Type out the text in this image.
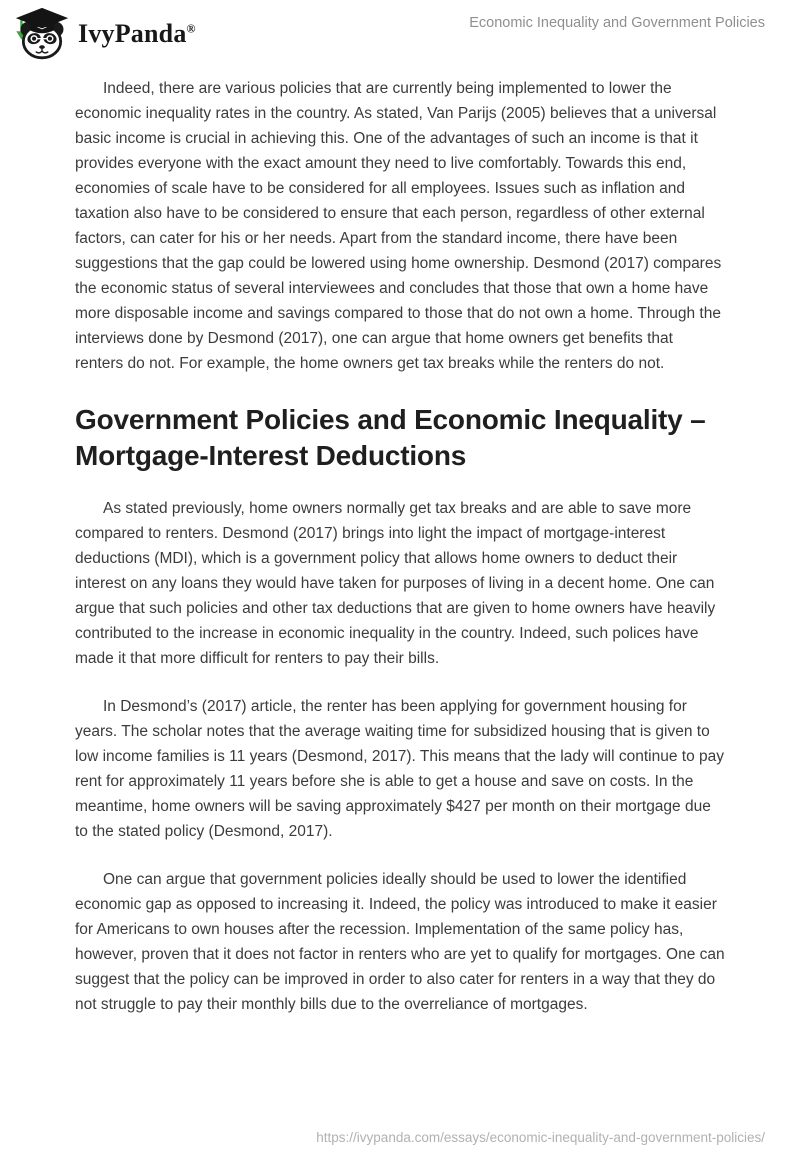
IvyPanda®	Economic Inequality and Government Policies

Indeed, there are various policies that are currently being implemented to lower the economic inequality rates in the country. As stated, Van Parijs (2005) believes that a universal basic income is crucial in achieving this. One of the advantages of such an income is that it provides everyone with the exact amount they need to live comfortably. Towards this end, economies of scale have to be considered for all employees. Issues such as inflation and taxation also have to be considered to ensure that each person, regardless of other external factors, can cater for his or her needs. Apart from the standard income, there have been suggestions that the gap could be lowered using home ownership. Desmond (2017) compares the economic status of several interviewees and concludes that those that own a home have more disposable income and savings compared to those that do not own a home. Through the interviews done by Desmond (2017), one can argue that home owners get benefits that renters do not. For example, the home owners get tax breaks while the renters do not.

Government Policies and Economic Inequality – Mortgage-Interest Deductions

As stated previously, home owners normally get tax breaks and are able to save more compared to renters. Desmond (2017) brings into light the impact of mortgage-interest deductions (MDI), which is a government policy that allows home owners to deduct their interest on any loans they would have taken for purposes of living in a decent home. One can argue that such policies and other tax deductions that are given to home owners have heavily contributed to the increase in economic inequality in the country. Indeed, such polices have made it that more difficult for renters to pay their bills.

In Desmond’s (2017) article, the renter has been applying for government housing for years. The scholar notes that the average waiting time for subsidized housing that is given to low income families is 11 years (Desmond, 2017). This means that the lady will continue to pay rent for approximately 11 years before she is able to get a house and save on costs. In the meantime, home owners will be saving approximately $427 per month on their mortgage due to the stated policy (Desmond, 2017).

One can argue that government policies ideally should be used to lower the identified economic gap as opposed to increasing it. Indeed, the policy was introduced to make it easier for Americans to own houses after the recession. Implementation of the same policy has, however, proven that it does not factor in renters who are yet to qualify for mortgages. One can suggest that the policy can be improved in order to also cater for renters in a way that they do not struggle to pay their monthly bills due to the overreliance of mortgages.

https://ivypanda.com/essays/economic-inequality-and-government-policies/
